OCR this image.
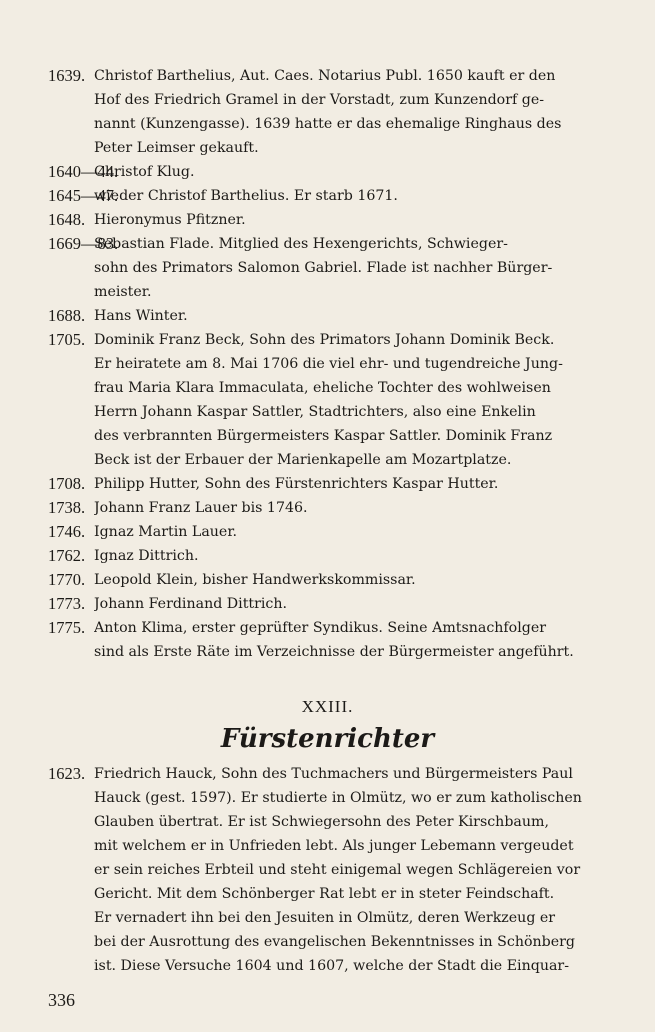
1639. Christof Barthelius, Aut. Caes. Notarius Publ. 1650 kauft er den
Hof des Friedrich Gramel in der Vorstadt, zum Kunzendorf ge-
nannt (Kunzengasse). 1639 hatte er das ehemalige Ringhaus des
Peter Leimser gekauft.
1640—44.
Christof Klug.
1645—47.
wieder Christof Barthelius. Er starb 1671.
1648. Hieronymus Pfitzner.
1669—83.
Sebastian Flade. Mitglied des Hexengerichts, Schwieger-
sohn des Primators Salomon Gabriel. Flade ist nachher Bürger-
meister.
1688. Hans Winter.
1705. Dominik Franz Beck, Sohn des Primators Johann Dominik Beck.
Er heiratete am 8. Mai 1706 die viel ehr- und tugendreiche Jung-
frau Maria Klara Immaculata, eheliche Tochter des wohlweisen
Herrn Johann Kaspar Sattler, Stadtrichters, also eine Enkelin
des verbrannten Bürgermeisters Kaspar Sattler. Dominik Franz
Beck ist der Erbauer der Marienkapelle am Mozartplatze.
1708. Philipp Hutter, Sohn des Fürstenrichters Kaspar Hutter.
1738. Johann Franz Lauer bis 1746.
1746. Ignaz Martin Lauer.
1762. Ignaz Dittrich.
1770. Leopold Klein, bisher Handwerkskommissar.
1773. Johann Ferdinand Dittrich.
1775. Anton Klima, erster geprüfter Syndikus. Seine Amtsnachfolger
sind als Erste Räte im Verzeichnisse der Bürgermeister angeführt.
XXIII.
Fürstenrichter
1623. Friedrich Hauck, Sohn des Tuchmachers und Bürgermeisters Paul
Hauck (gest. 1597). Er studierte in Olmütz, wo er zum katholischen
Glauben übertrat. Er ist Schwiegersohn des Peter Kirschbaum,
mit welchem er in Unfrieden lebt. Als junger Lebemann vergeudet
er sein reiches Erbteil und steht einigemal wegen Schlägereien vor
Gericht. Mit dem Schönberger Rat lebt er in steter Feindschaft.
Er vernadert ihn bei den Jesuiten in Olmütz, deren Werkzeug er
bei der Ausrottung des evangelischen Bekenntnisses in Schönberg
ist. Diese Versuche 1604 und 1607, welche der Stadt die Einquar-
336
